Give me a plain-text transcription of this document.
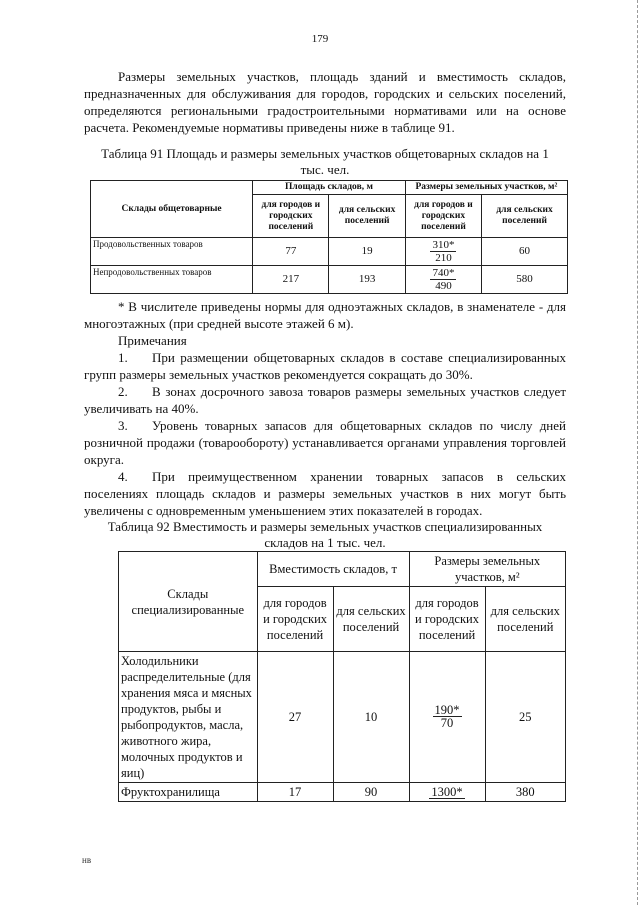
179

Размеры земельных участков, площадь зданий и вместимость складов, предназначенных для обслуживания для городов, городских и сельских поселений, определяются региональными градостроительными нормативами или на основе расчета. Рекомендуемые нормативы приведены ниже в таблице 91.

Таблица 91 Площадь и размеры земельных участков общетоварных складов на 1
тыс. чел.
Склады общетоварные	Площадь складов, м		Размеры земельных участков, м²	
	для городов и городских поселений	для сельских поселений	для городов и городских поселений	для сельских поселений
Продовольственных товаров	77	19	$\frac{310*}{210}$	60
Непродовольственных товаров	217	193	$\frac{740*}{490}$	580

* В числителе приведены нормы для одноэтажных складов, в знаменателе - для многоэтажных (при средней высоте этажей 6 м).

Примечания

1. При размещении общетоварных складов в составе специализированных групп размеры земельных участков рекомендуется сокращать до 30%.

2. В зонах досрочного завоза товаров размеры земельных участков следует увеличивать на 40%.

3. Уровень товарных запасов для общетоварных складов по числу дней розничной продажи (товарообороту) устанавливается органами управления торговлей округа.

4. При преимущественном хранении товарных запасов в сельских поселениях площадь складов и размеры земельных участков в них могут быть увеличены с одновременным уменьшением этих показателей в городах.

Таблица 92 Вместимость и размеры земельных участков специализированных
складов на 1 тыс. чел.
Склады специализированные	Вместимость складов, т		Размеры земельных участков, м²	
	для городов и городских поселений	для сельских поселений	для городов и городских поселений	для сельских поселений
Холодильники распределительные (для хранения мяса и мясных продуктов, рыбы и рыбопродуктов, масла, животного жира, молочных продуктов и яиц)	27	10	$\frac{190*}{70}$	25
Фруктохранилища	17	90	1300*	380
нв
